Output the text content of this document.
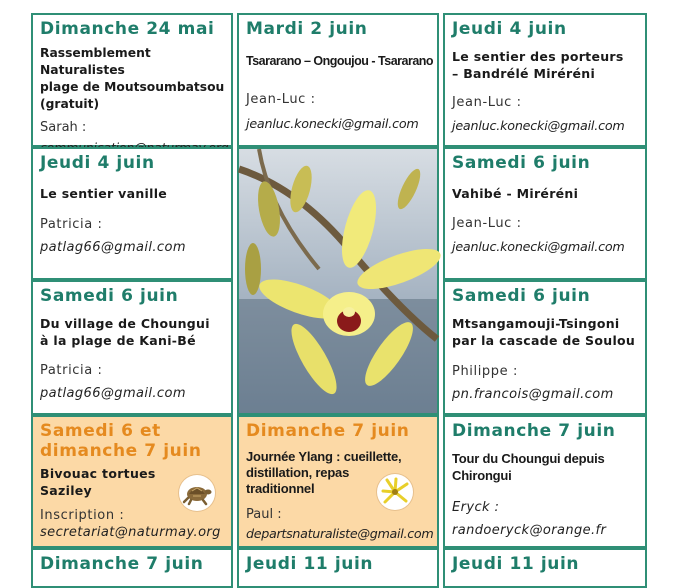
Dimanche 24 mai
Rassemblement Naturalistes
plage de Moutsoumbatsou
(gratuit)
Sarah :
Jeudi 4 juin
Le sentier vanille
Patricia :
patlag66@gmail.com
Samedi 6 juin
Du village de Choungui
à la plage de Kani-Bé
Patricia :
patlag66@gmail.com
Samedi 6 et
dimanche 7 juin
Bivouac tortues
Saziley
Inscription :
secretariat@naturmay.org
Dimanche 7 juin
Mardi 2 juin
Tsararano – Ongoujou - Tsararano
Jean-Luc :
jeanluc.konecki@gmail.com
Dimanche 7 juin
Journée Ylang : cueillette,
distillation, repas
traditionnel
Paul :
departsnaturaliste@gmail.com
Jeudi 11 juin
Jeudi 4 juin
Le sentier des porteurs
– Bandrélé Miréréni
Jean-Luc :
jeanluc.konecki@gmail.com
Samedi 6 juin
Vahibé - Miréréni
Jean-Luc :
jeanluc.konecki@gmail.com
Samedi 6 juin
Mtsangamouji-Tsingoni
par la cascade de Soulou
Philippe :
pn.francois@gmail.com
Dimanche 7 juin
Tour du Choungui depuis
Chirongui
Eryck :
randoeryck@orange.fr
Jeudi 11 juin
